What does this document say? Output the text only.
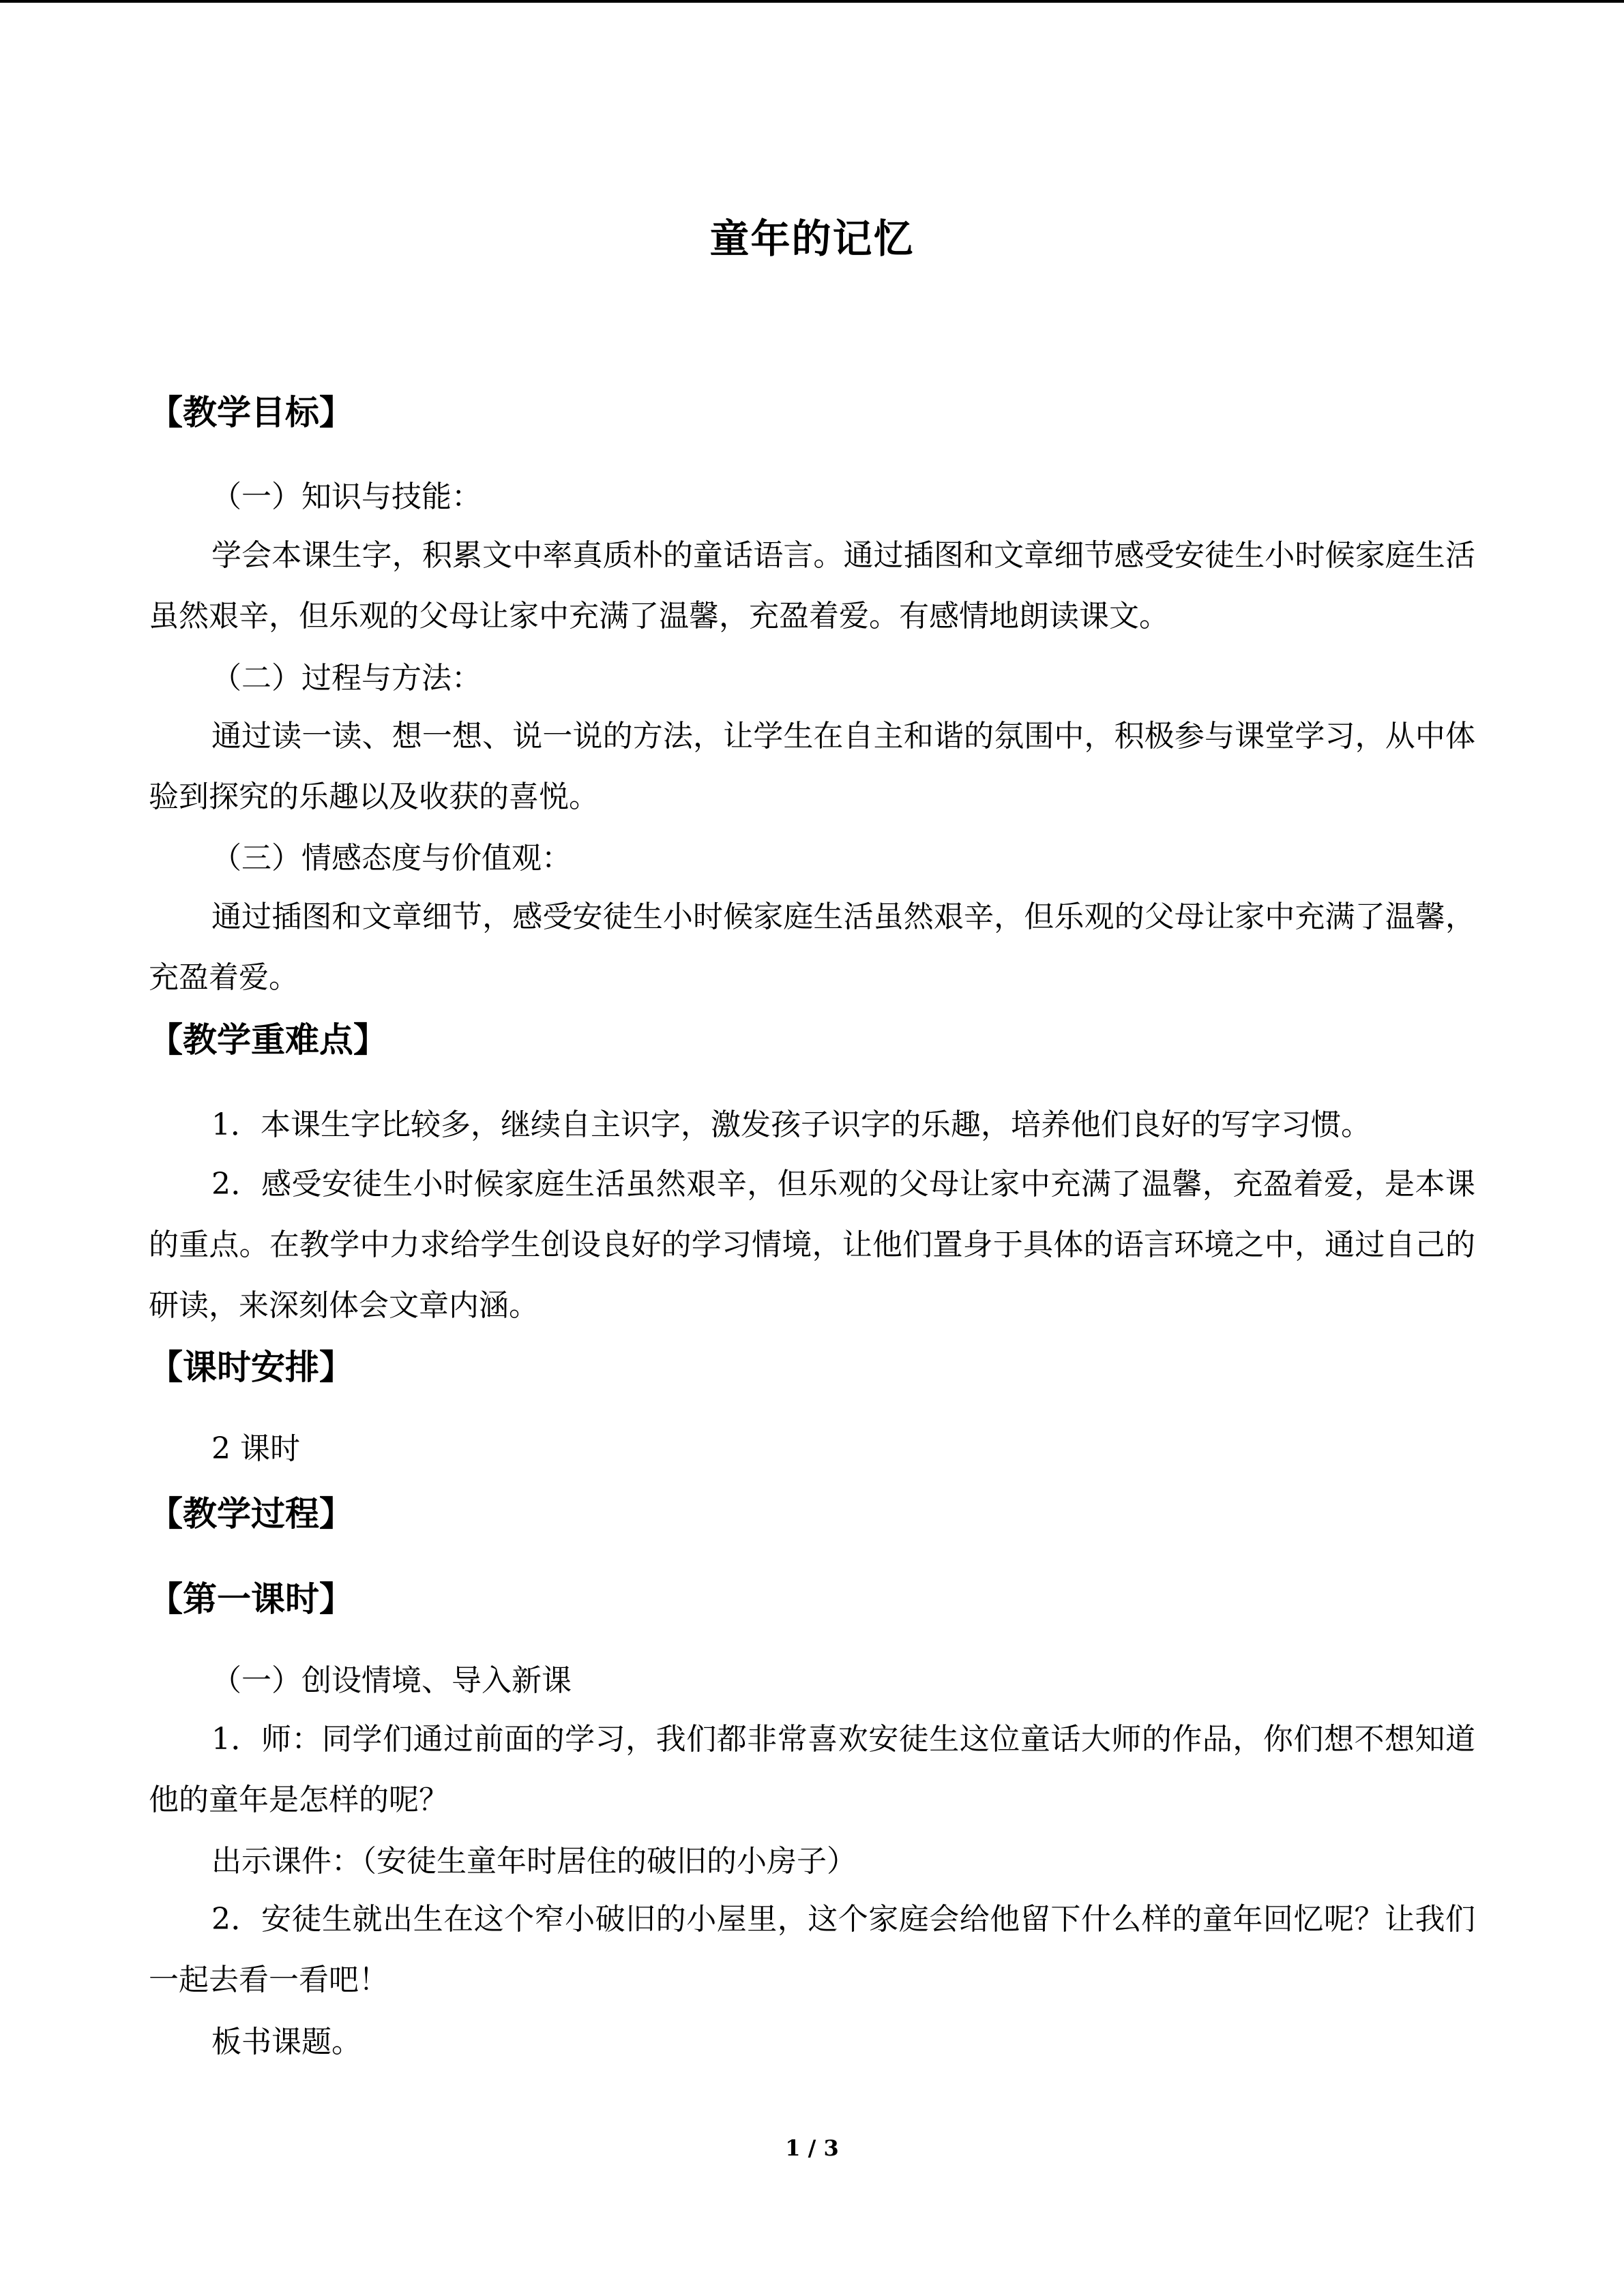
童年的记忆
【教学目标】
（一）知识与技能：
学会本课生字，积累文中率真质朴的童话语言。通过插图和文章细节感受安徒生小时候家庭生活虽然艰辛，但乐观的父母让家中充满了温馨，充盈着爱。有感情地朗读课文。
（二）过程与方法：
通过读一读、想一想、说一说的方法，让学生在自主和谐的氛围中，积极参与课堂学习，从中体验到探究的乐趣以及收获的喜悦。
（三）情感态度与价值观：
通过插图和文章细节，感受安徒生小时候家庭生活虽然艰辛，但乐观的父母让家中充满了温馨，充盈着爱。
【教学重难点】
1．本课生字比较多，继续自主识字，激发孩子识字的乐趣，培养他们良好的写字习惯。
2．感受安徒生小时候家庭生活虽然艰辛，但乐观的父母让家中充满了温馨，充盈着爱，是本课的重点。在教学中力求给学生创设良好的学习情境，让他们置身于具体的语言环境之中，通过自己的研读，来深刻体会文章内涵。
【课时安排】
2 课时
【教学过程】
【第一课时】
（一）创设情境、导入新课
1．师：同学们通过前面的学习，我们都非常喜欢安徒生这位童话大师的作品，你们想不想知道他的童年是怎样的呢？
出示课件：（安徒生童年时居住的破旧的小房子）
2．安徒生就出生在这个窄小破旧的小屋里，这个家庭会给他留下什么样的童年回忆呢？让我们一起去看一看吧！
板书课题。
1 / 3
